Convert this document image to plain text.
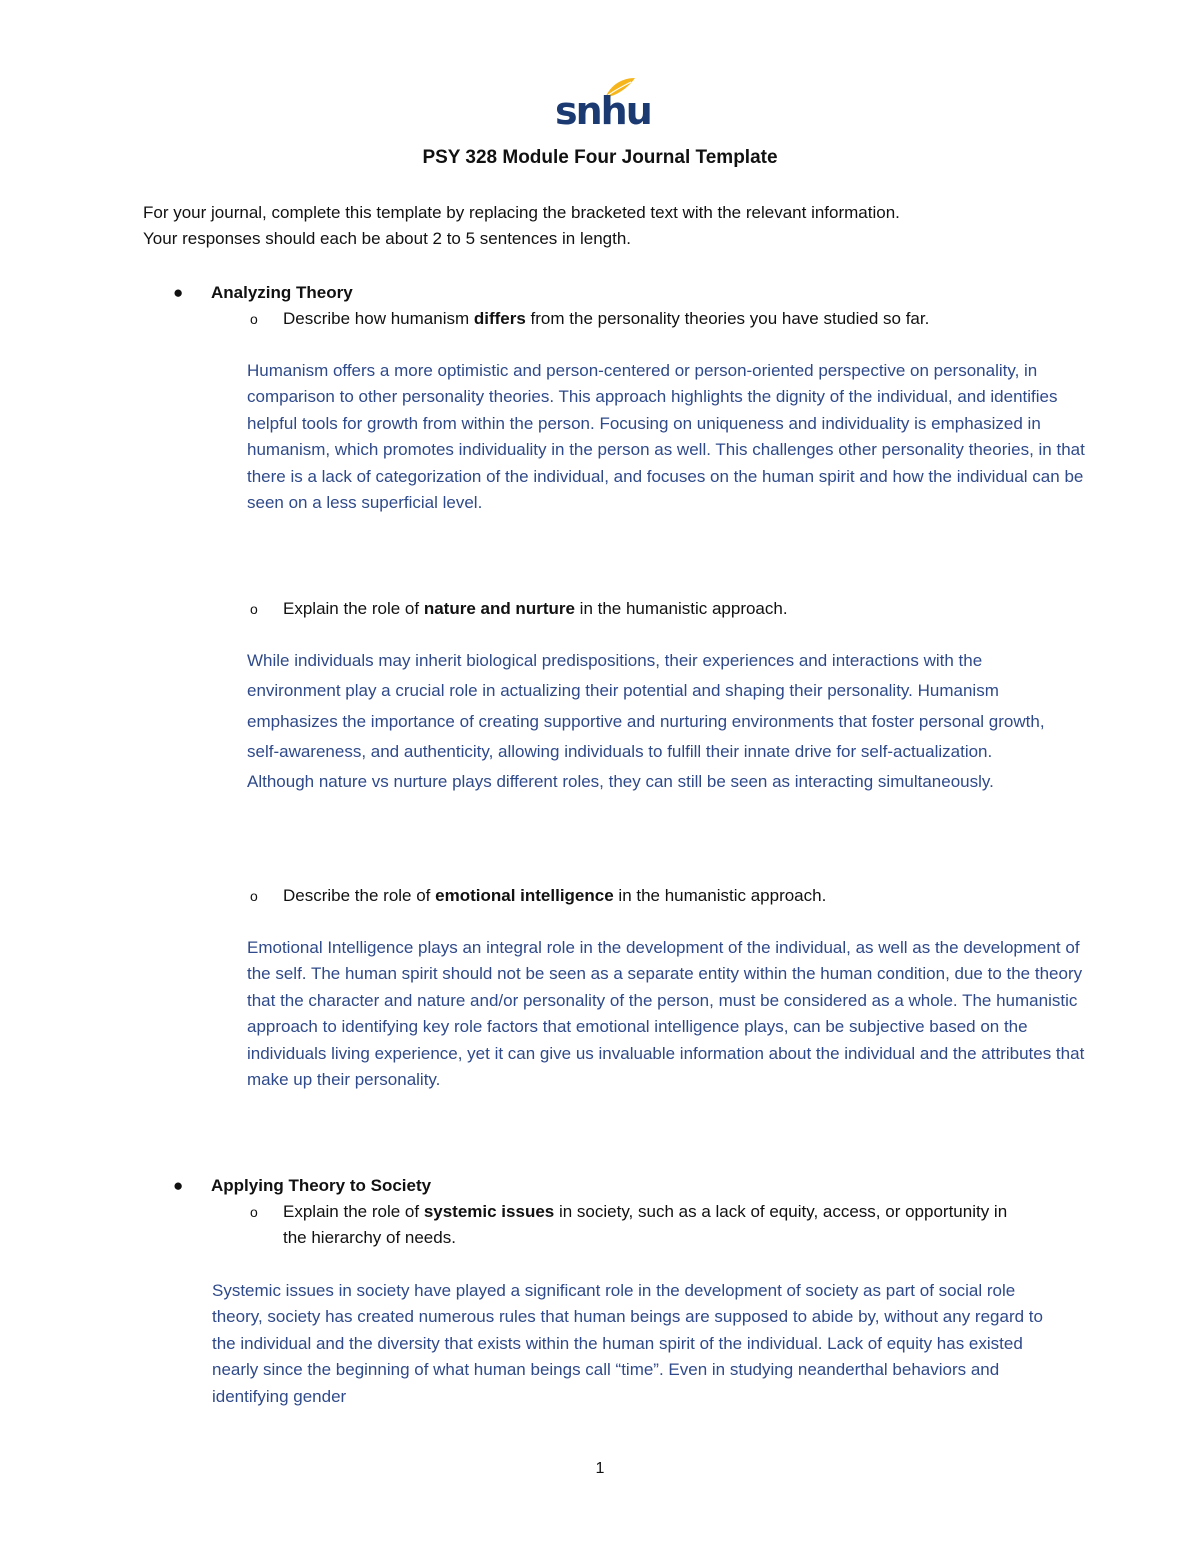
snhu
PSY 328 Module Four Journal Template

For your journal, complete this template by replacing the bracketed text with the relevant information.

Your responses should each be about 2 to 5 sentences in length.

● Analyzing Theory
o Describe how humanism differs from the personality theories you have studied so far.
Humanism offers a more optimistic and person-centered or person-oriented perspective on personality, in comparison to other personality theories. This approach highlights the dignity of the individual, and identifies helpful tools for growth from within the person. Focusing on uniqueness and individuality is emphasized in humanism, which promotes individuality in the person as well. This challenges other personality theories, in that there is a lack of categorization of the individual, and focuses on the human spirit and how the individual can be seen on a less superficial level.
o Explain the role of nature and nurture in the humanistic approach.
While individuals may inherit biological predispositions, their experiences and interactions with the environment play a crucial role in actualizing their potential and shaping their personality. Humanism emphasizes the importance of creating supportive and nurturing environments that foster personal growth, self-awareness, and authenticity, allowing individuals to fulfill their innate drive for self-actualization. Although nature vs nurture plays different roles, they can still be seen as interacting simultaneously.
o Describe the role of emotional intelligence in the humanistic approach.
Emotional Intelligence plays an integral role in the development of the individual, as well as the development of the self. The human spirit should not be seen as a separate entity within the human condition, due to the theory that the character and nature and/or personality of the person, must be considered as a whole. The humanistic approach to identifying key role factors that emotional intelligence plays, can be subjective based on the individuals living experience, yet it can give us invaluable information about the individual and the attributes that make up their personality.
● Applying Theory to Society
o Explain the role of systemic issues in society, such as a lack of equity, access, or opportunity in the hierarchy of needs.
Systemic issues in society have played a significant role in the development of society as part of social role theory, society has created numerous rules that human beings are supposed to abide by, without any regard to the individual and the diversity that exists within the human spirit of the individual. Lack of equity has existed nearly since the beginning of what human beings call “time”. Even in studying neanderthal behaviors and identifying gender
1
